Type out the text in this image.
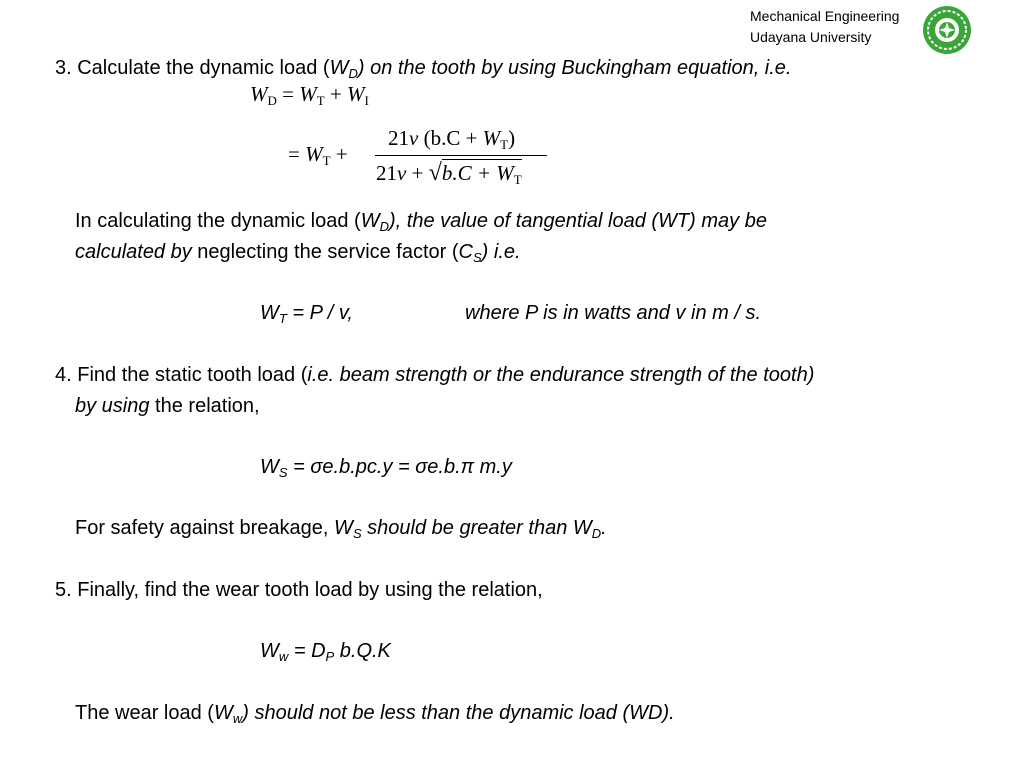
Mechanical Engineering
Udayana University
3. Calculate the dynamic load $(W_D)$ on the tooth by using Buckingham equation, i.e.
$W_D = W_T + W_I$
= $W_T$ +
21v $(b.C + W_T)$
$21v + √b.C + W_T$
In calculating the dynamic load $(W_D)$, the value of tangential load (WT) may be
calculated by neglecting the service factor $(C_S)$ i.e.
$W_T = P / v$,	where P is in watts and v in m / s.
4. Find the static tooth load (i.e. beam strength or the endurance strength of the tooth)
by using the relation,
$W_S = \sigma e.b.pc.y = \sigma e.b.\pi$ m.y
For safety against breakage, $W_S$ should be greater than $W_D$.
5. Finally, find the wear tooth load by using the relation,
$W_w = D_P$ b.Q.K
The wear load $(W_w)$ should not be less than the dynamic load (WD).
